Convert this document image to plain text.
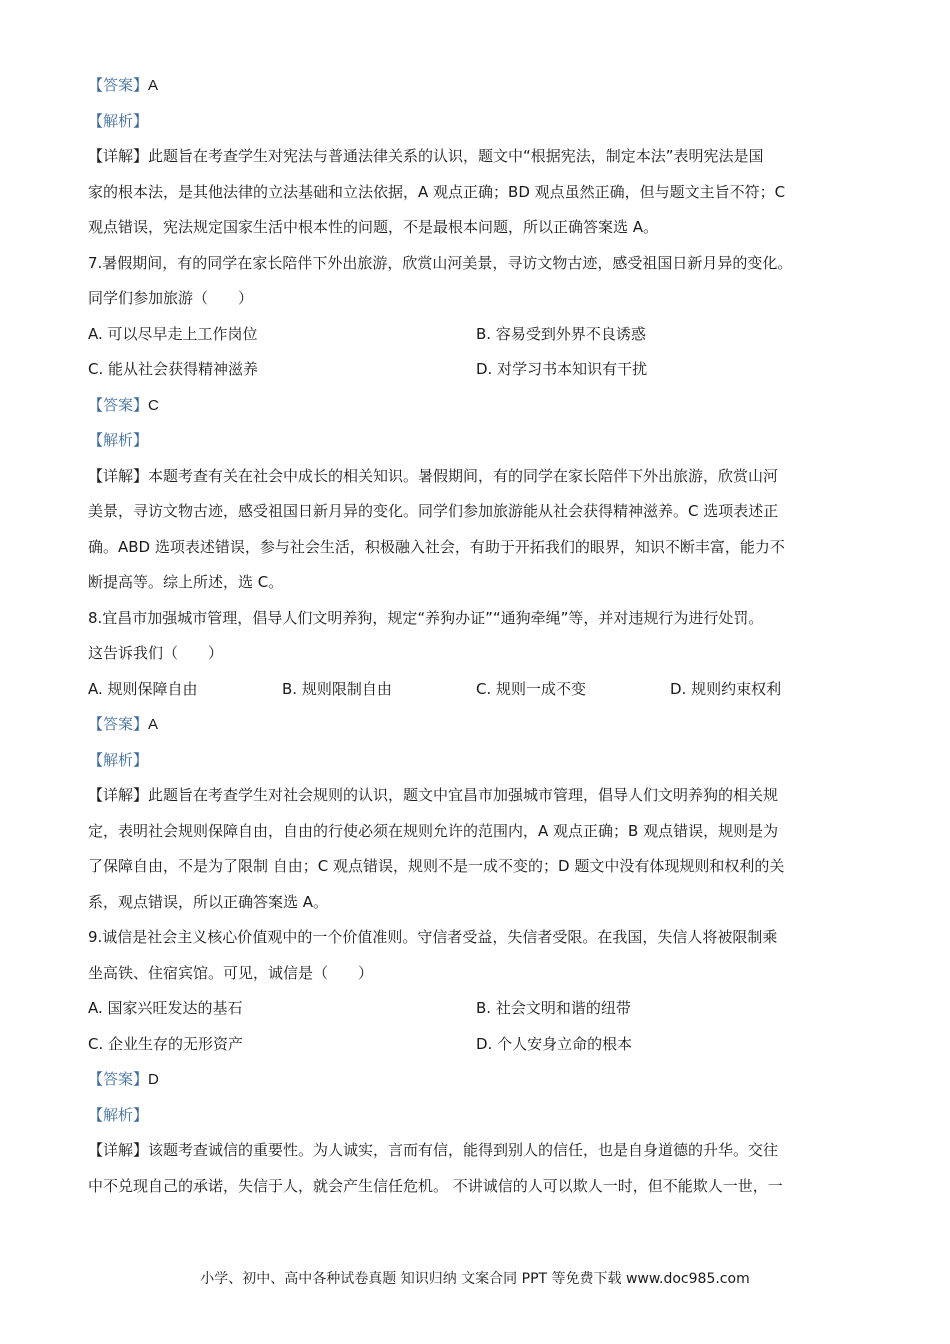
【答案】A
【解析】
【详解】此题旨在考查学生对宪法与普通法律关系的认识，题文中“根据宪法，制定本法”表明宪法是国
家的根本法，是其他法律的立法基础和立法依据，A 观点正确；BD 观点虽然正确，但与题文主旨不符；C
观点错误，宪法规定国家生活中根本性的问题，不是最根本问题，所以正确答案选 A。
7.暑假期间，有的同学在家长陪伴下外出旅游，欣赏山河美景，寻访文物古迹，感受祖国日新月异的变化。
同学们参加旅游（　　）
A. 可以尽早走上工作岗位	B. 容易受到外界不良诱惑
C. 能从社会获得精神滋养	D. 对学习书本知识有干扰
【答案】C
【解析】
【详解】本题考查有关在社会中成长的相关知识。暑假期间，有的同学在家长陪伴下外出旅游，欣赏山河
美景，寻访文物古迹，感受祖国日新月异的变化。同学们参加旅游能从社会获得精神滋养。C 选项表述正
确。ABD 选项表述错误，参与社会生活，积极融入社会，有助于开拓我们的眼界，知识不断丰富，能力不
断提高等。综上所述，选 C。
8.宜昌市加强城市管理，倡导人们文明养狗，规定“养狗办证”“通狗牵绳”等，并对违规行为进行处罚。
这告诉我们（　　）
A. 规则保障自由	B. 规则限制自由	C. 规则一成不变	D. 规则约束权利
【答案】A
【解析】
【详解】此题旨在考查学生对社会规则的认识，题文中宜昌市加强城市管理，倡导人们文明养狗的相关规
定，表明社会规则保障自由，自由的行使必须在规则允许的范围内，A 观点正确；B 观点错误，规则是为
了保障自由，不是为了限制 自由；C 观点错误，规则不是一成不变的；D 题文中没有体现规则和权利的关
系，观点错误，所以正确答案选 A。
9.诚信是社会主义核心价值观中的一个价值准则。守信者受益，失信者受限。在我国，失信人将被限制乘
坐高铁、住宿宾馆。可见，诚信是（　　）
A. 国家兴旺发达的基石	B. 社会文明和谐的纽带
C. 企业生存的无形资产	D. 个人安身立命的根本
【答案】D
【解析】
【详解】该题考查诚信的重要性。为人诚实，言而有信，能得到别人的信任，也是自身道德的升华。交往
中不兑现自己的承诺，失信于人，就会产生信任危机。 不讲诚信的人可以欺人一时，但不能欺人一世，一
小学、初中、高中各种试卷真题 知识归纳 文案合同 PPT 等免费下载 www.doc985.com
